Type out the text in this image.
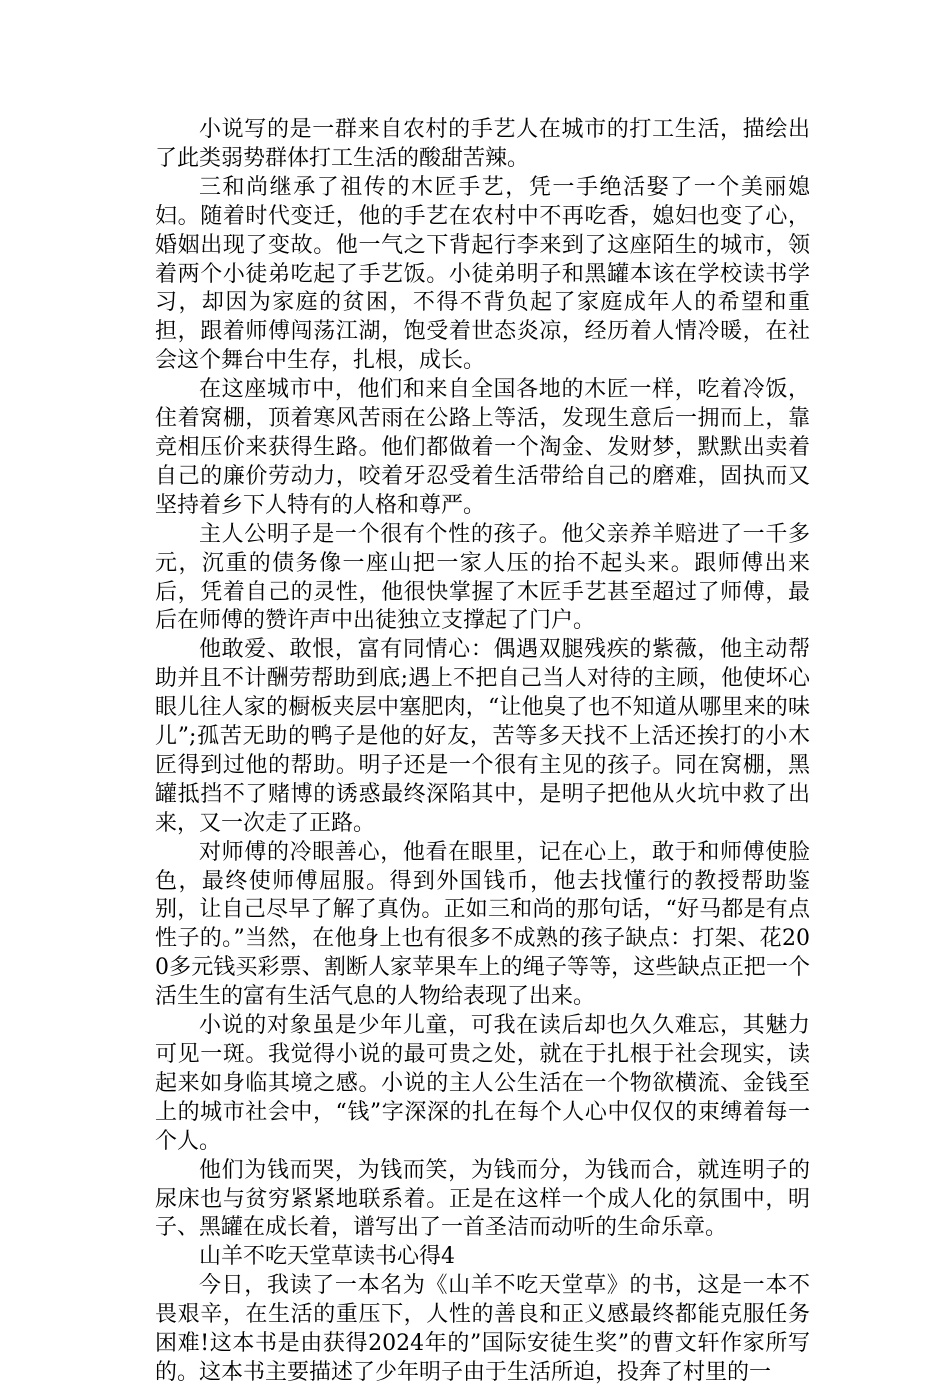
小说写的是一群来自农村的手艺人在城市的打工生活，描绘出了此类弱势群体打工生活的酸甜苦辣。

三和尚继承了祖传的木匠手艺，凭一手绝活娶了一个美丽媳妇。随着时代变迁，他的手艺在农村中不再吃香，媳妇也变了心，婚姻出现了变故。他一气之下背起行李来到了这座陌生的城市，领着两个小徒弟吃起了手艺饭。小徒弟明子和黑罐本该在学校读书学习，却因为家庭的贫困，不得不背负起了家庭成年人的希望和重担，跟着师傅闯荡江湖，饱受着世态炎凉，经历着人情冷暖，在社会这个舞台中生存，扎根，成长。

在这座城市中，他们和来自全国各地的木匠一样，吃着冷饭，住着窝棚，顶着寒风苦雨在公路上等活，发现生意后一拥而上，靠竞相压价来获得生路。他们都做着一个淘金、发财梦，默默出卖着自己的廉价劳动力，咬着牙忍受着生活带给自己的磨难，固执而又坚持着乡下人特有的人格和尊严。

主人公明子是一个很有个性的孩子。他父亲养羊赔进了一千多元，沉重的债务像一座山把一家人压的抬不起头来。跟师傅出来后，凭着自己的灵性，他很快掌握了木匠手艺甚至超过了师傅，最后在师傅的赞许声中出徒独立支撑起了门户。

他敢爱、敢恨，富有同情心：偶遇双腿残疾的紫薇，他主动帮助并且不计酬劳帮助到底;遇上不把自己当人对待的主顾，他使坏心眼儿往人家的橱板夹层中塞肥肉，“让他臭了也不知道从哪里来的味儿”;孤苦无助的鸭子是他的好友，苦等多天找不上活还挨打的小木匠得到过他的帮助。明子还是一个很有主见的孩子。同在窝棚，黑罐抵挡不了赌博的诱惑最终深陷其中，是明子把他从火坑中救了出来，又一次走了正路。

对师傅的冷眼善心，他看在眼里，记在心上，敢于和师傅使脸色，最终使师傅屈服。得到外国钱币，他去找懂行的教授帮助鉴别，让自己尽早了解了真伪。正如三和尚的那句话，“好马都是有点性子的。”当然，在他身上也有很多不成熟的孩子缺点：打架、花200多元钱买彩票、割断人家苹果车上的绳子等等，这些缺点正把一个活生生的富有生活气息的人物给表现了出来。

小说的对象虽是少年儿童，可我在读后却也久久难忘，其魅力可见一斑。我觉得小说的最可贵之处，就在于扎根于社会现实，读起来如身临其境之感。小说的主人公生活在一个物欲横流、金钱至上的城市社会中，“钱”字深深的扎在每个人心中仅仅的束缚着每一个人。

他们为钱而哭，为钱而笑，为钱而分，为钱而合，就连明子的尿床也与贫穷紧紧地联系着。正是在这样一个成人化的氛围中，明子、黑罐在成长着，谱写出了一首圣洁而动听的生命乐章。

山羊不吃天堂草读书心得4

今日，我读了一本名为《山羊不吃天堂草》的书，这是一本不畏艰辛，在生活的重压下，人性的善良和正义感最终都能克服任务困难!这本书是由获得2024年的”国际安徒生奖”的曹文轩作家所写的。这本书主要描述了少年明子由于生活所迫，投奔了村里的一
